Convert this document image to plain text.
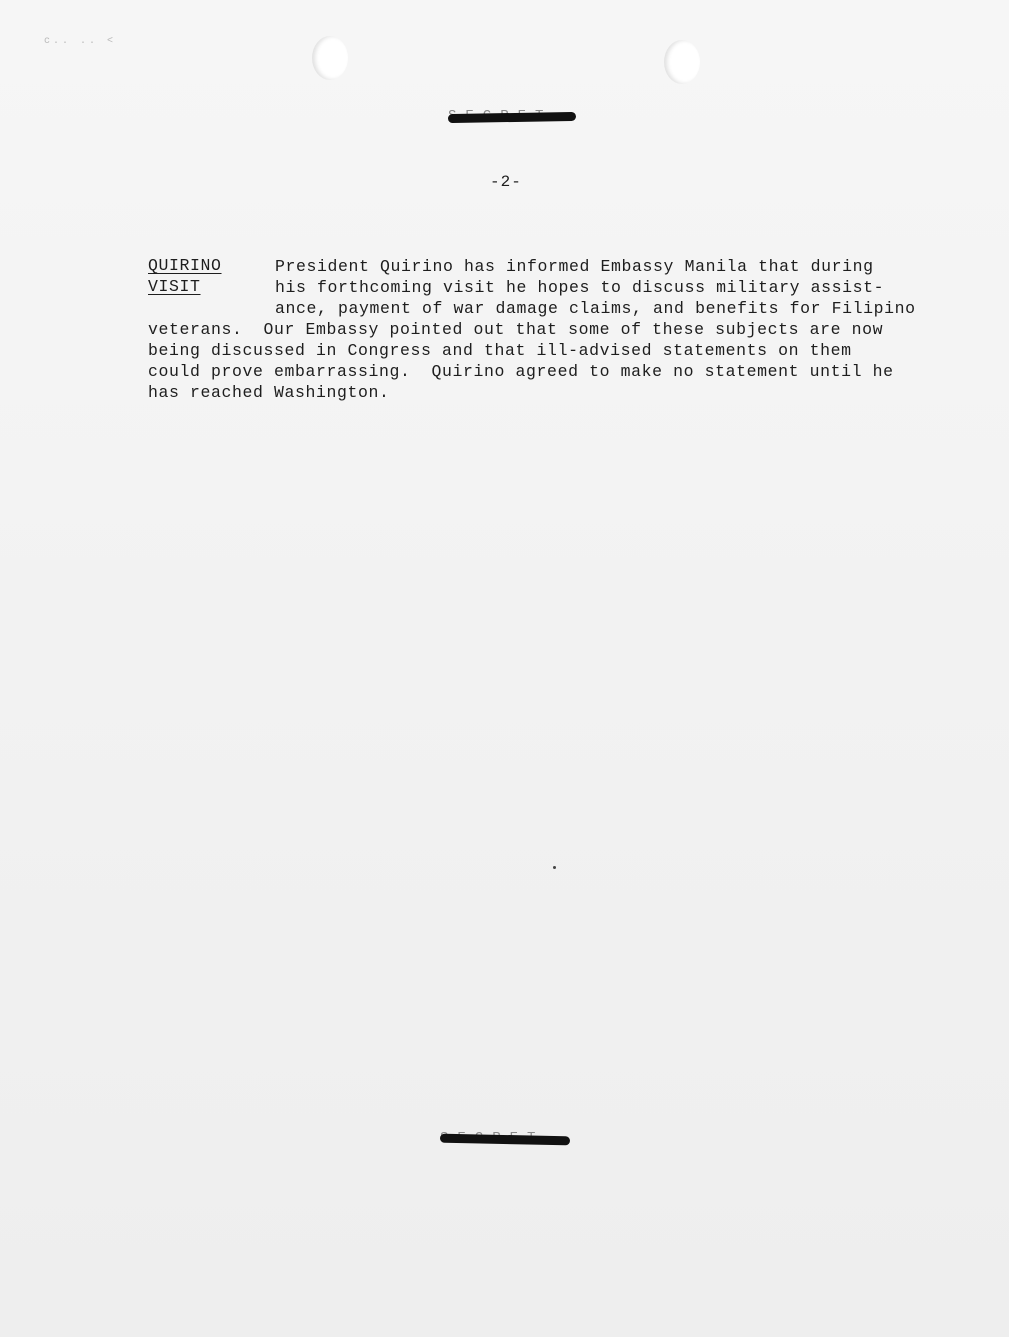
c.. .. <
-2-
QUIRINO
VISIT
President Quirino has informed Embassy Manila that during
his forthcoming visit he hopes to discuss military assist-
ance, payment of war damage claims, and benefits for Filipino
veterans.  Our Embassy pointed out that some of these subjects are now
being discussed in Congress and that ill-advised statements on them
could prove embarrassing.  Quirino agreed to make no statement until he
has reached Washington.
